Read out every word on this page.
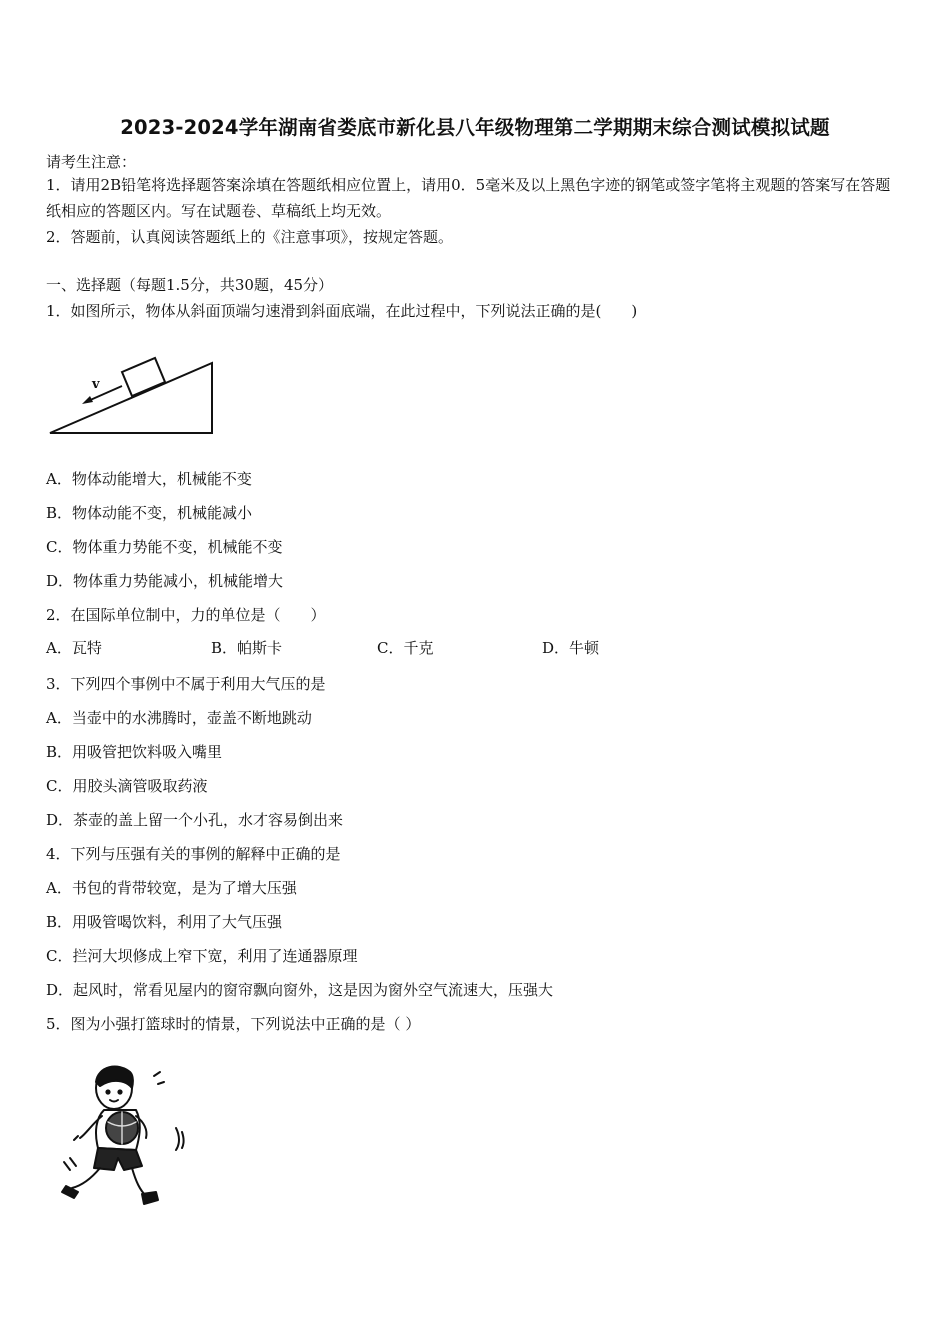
2023-2024学年湖南省娄底市新化县八年级物理第二学期期末综合测试模拟试题
请考生注意：
1．请用2B铅笔将选择题答案涂填在答题纸相应位置上，请用0．5毫米及以上黑色字迹的钢笔或签字笔将主观题的答案写在答题纸相应的答题区内。写在试题卷、草稿纸上均无效。
2．答题前，认真阅读答题纸上的《注意事项》，按规定答题。
一、选择题（每题1.5分，共30题，45分）
1．如图所示，物体从斜面顶端匀速滑到斜面底端，在此过程中，下列说法正确的是(　　)
v
A．物体动能增大，机械能不变
B．物体动能不变，机械能减小
C．物体重力势能不变，机械能不变
D．物体重力势能减小，机械能增大
2．在国际单位制中，力的单位是（　　）
A．瓦特	B．帕斯卡	C．千克	D．牛顿
3．下列四个事例中不属于利用大气压的是
A．当壶中的水沸腾时，壶盖不断地跳动
B．用吸管把饮料吸入嘴里
C．用胶头滴管吸取药液
D．茶壶的盖上留一个小孔，水才容易倒出来
4．下列与压强有关的事例的解释中正确的是
A．书包的背带较宽，是为了增大压强
B．用吸管喝饮料，利用了大气压强
C．拦河大坝修成上窄下宽，利用了连通器原理
D．起风时，常看见屋内的窗帘飘向窗外，这是因为窗外空气流速大，压强大
5．图为小强打篮球时的情景，下列说法中正确的是（ ）
